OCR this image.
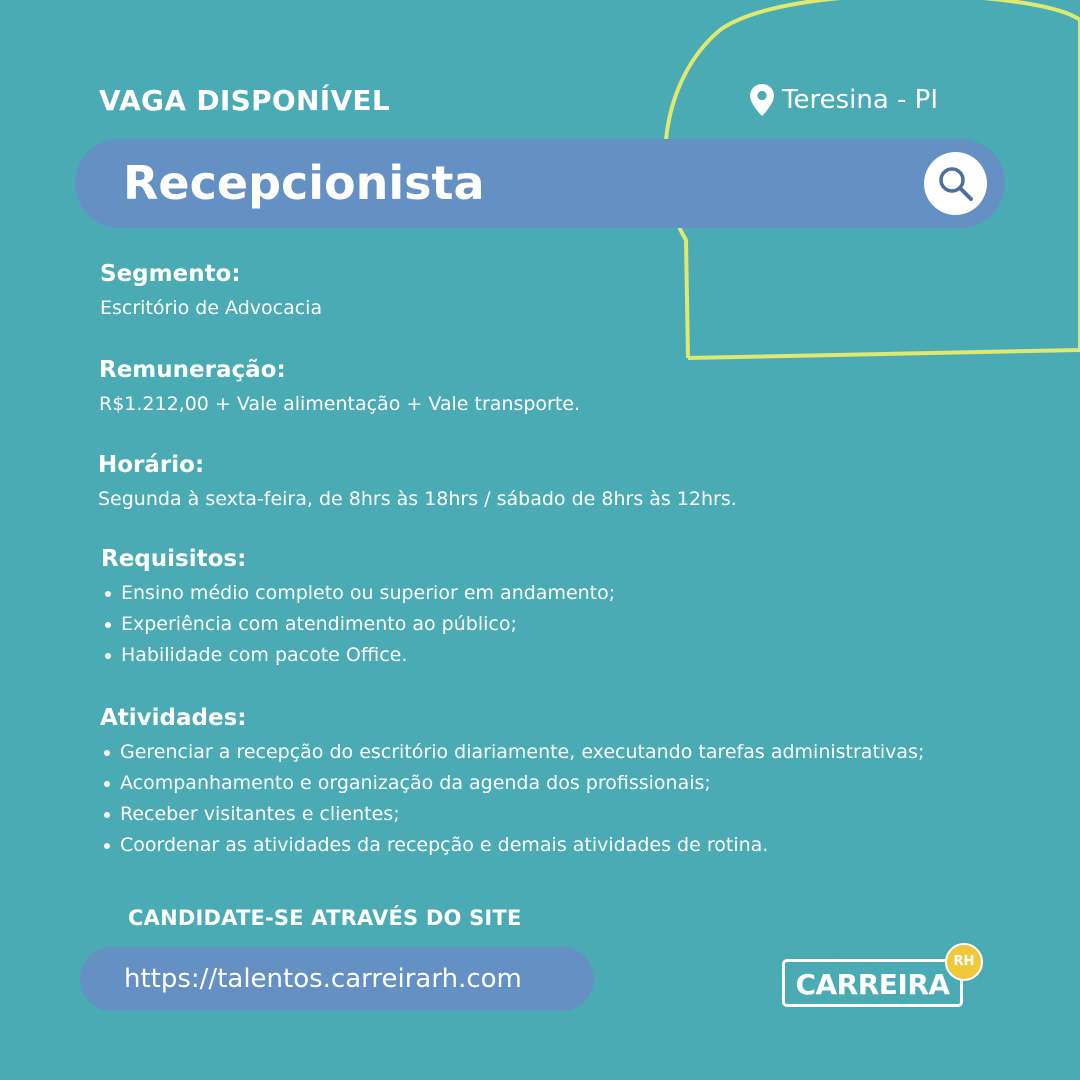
VAGA DISPONÍVEL	Teresina - PI
Recepcionista
Segmento:
Escritório de Advocacia
Remuneração:
R$1.212,00 + Vale alimentação + Vale transporte.
Horário:
Segunda à sexta-feira, de 8hrs às 18hrs / sábado de 8hrs às 12hrs.
Requisitos:
Ensino médio completo ou superior em andamento;
Experiência com atendimento ao público;
Habilidade com pacote Office.
Atividades:
Gerenciar a recepção do escritório diariamente, executando tarefas administrativas;
Acompanhamento e organização da agenda dos profissionais;
Receber visitantes e clientes;
Coordenar as atividades da recepção e demais atividades de rotina.
CANDIDATE-SE ATRAVÉS DO SITE
https://talentos.carreirarh.com	CARREIRA
RH
